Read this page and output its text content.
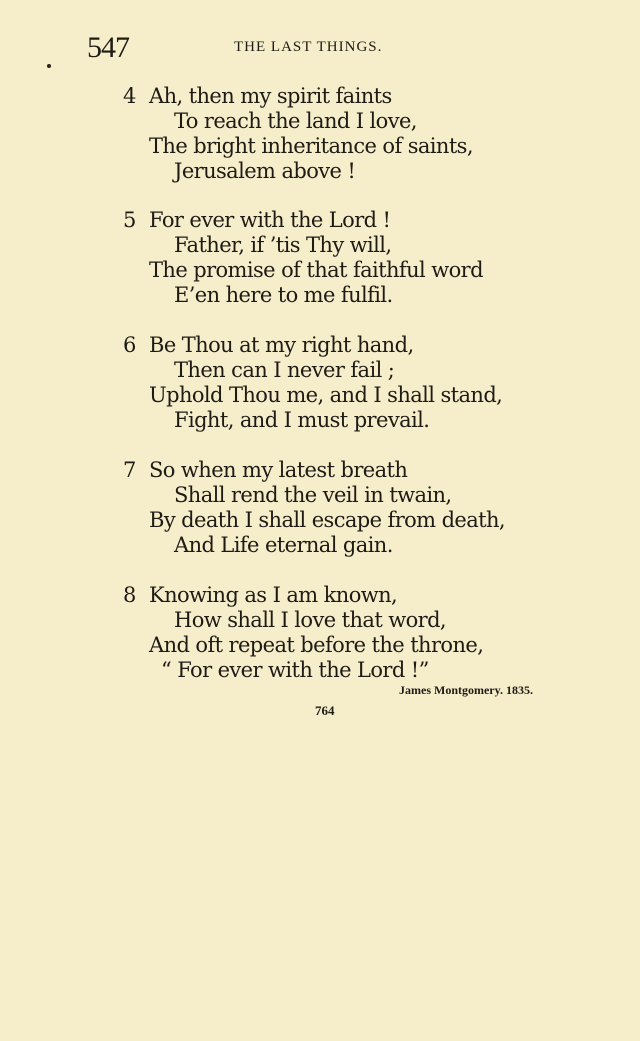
547	THE LAST THINGS.
4 Ah, then my spirit faints
To reach the land I love,
The bright inheritance of saints,
Jerusalem above !
5 For ever with the Lord !
Father, if ’tis Thy will,
The promise of that faithful word
E’en here to me fulfil.
6 Be Thou at my right hand,
Then can I never fail ;
Uphold Thou me, and I shall stand,
Fight, and I must prevail.
7 So when my latest breath
Shall rend the veil in twain,
By death I shall escape from death,
And Life eternal gain.
8 Knowing as I am known,
How shall I love that word,
And oft repeat before the throne,
“ For ever with the Lord !”
James Montgomery. 1835.
764
